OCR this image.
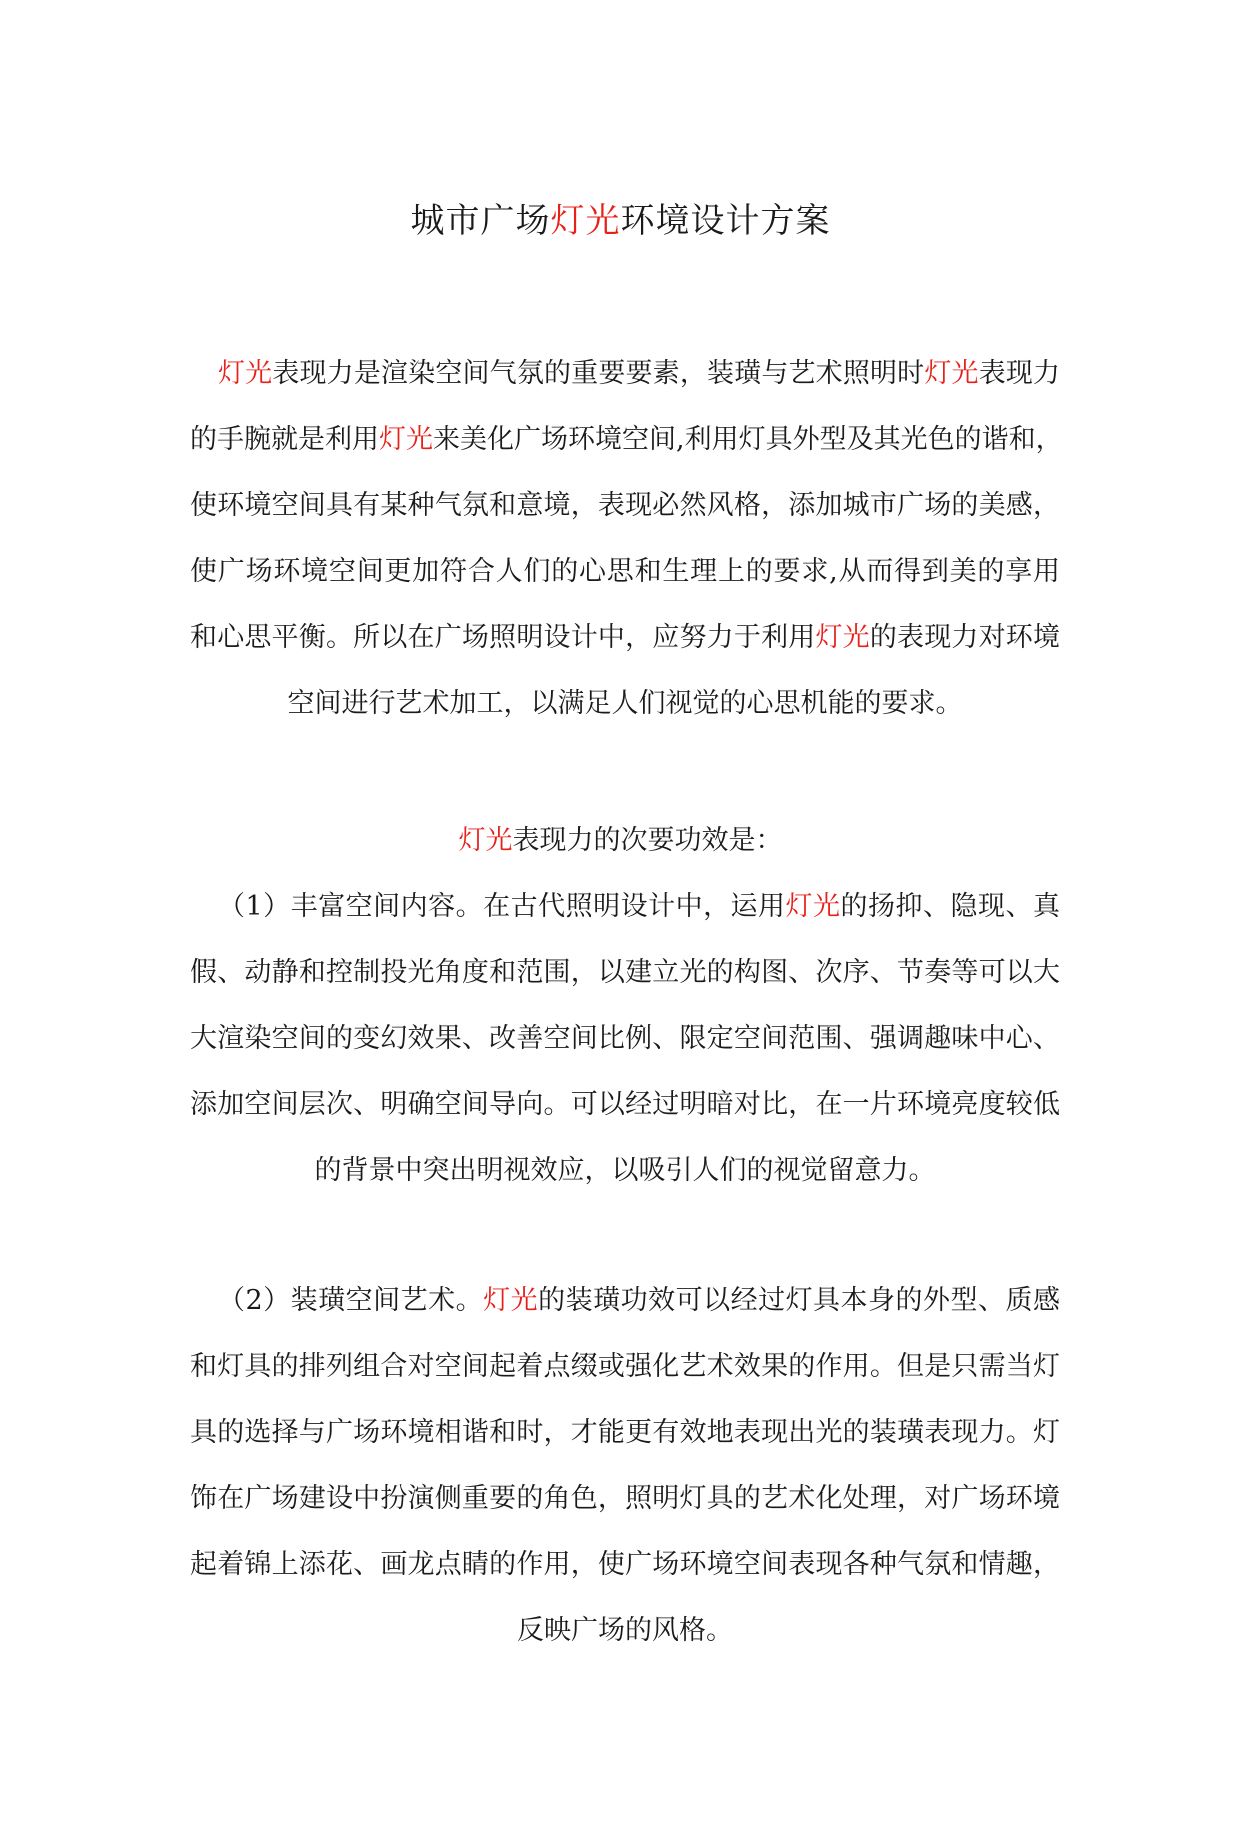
城市广场灯光环境设计方案
灯光表现力是渲染空间气氛的重要要素，装璜与艺术照明时灯光表现力
的手腕就是利用灯光来美化广场环境空间,利用灯具外型及其光色的谐和，
使环境空间具有某种气氛和意境，表现必然风格，添加城市广场的美感，
使广场环境空间更加符合人们的心思和生理上的要求,从而得到美的享用
和心思平衡。所以在广场照明设计中，应努力于利用灯光的表现力对环境
空间进行艺术加工，以满足人们视觉的心思机能的要求。

灯光表现力的次要功效是：

（1）丰富空间内容。在古代照明设计中，运用灯光的扬抑、隐现、真
假、动静和控制投光角度和范围，以建立光的构图、次序、节奏等可以大
大渲染空间的变幻效果、改善空间比例、限定空间范围、强调趣味中心、
添加空间层次、明确空间导向。可以经过明暗对比，在一片环境亮度较低
的背景中突出明视效应，以吸引人们的视觉留意力。
（2）装璜空间艺术。灯光的装璜功效可以经过灯具本身的外型、质感
和灯具的排列组合对空间起着点缀或强化艺术效果的作用。但是只需当灯
具的选择与广场环境相谐和时，才能更有效地表现出光的装璜表现力。灯
饰在广场建设中扮演侧重要的角色，照明灯具的艺术化处理，对广场环境
起着锦上添花、画龙点睛的作用，使广场环境空间表现各种气氛和情趣，
反映广场的风格。
